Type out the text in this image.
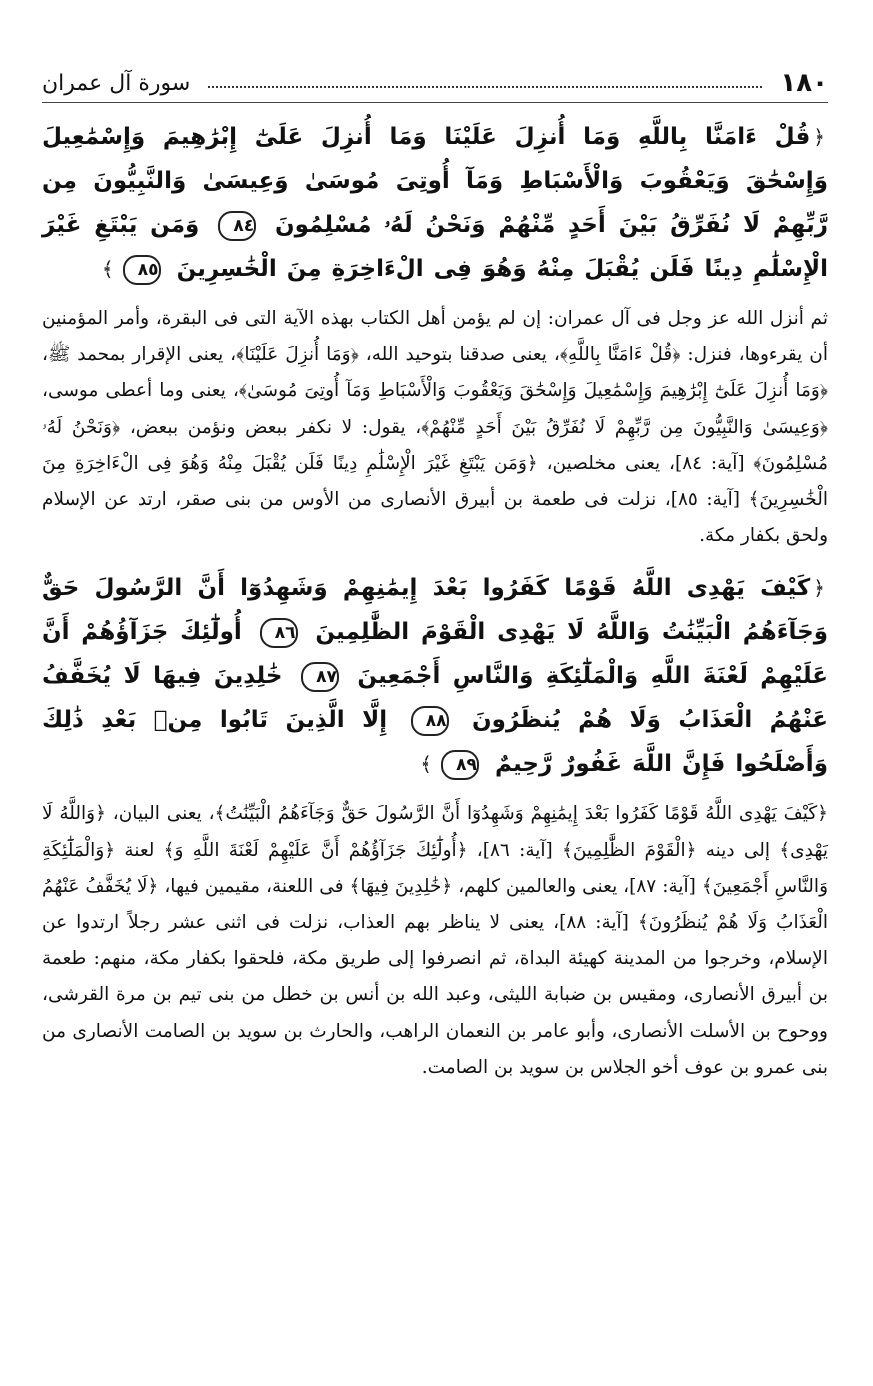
١٨٠
سورة آل عمران
﴿قُلْ ءَامَنَّا بِاللَّهِ وَمَا أُنزِلَ عَلَيْنَا وَمَا أُنزِلَ عَلَىٰٓ إِبْرَٰهِيمَ وَإِسْمَٰعِيلَ وَإِسْحَٰقَ وَيَعْقُوبَ وَالْأَسْبَاطِ وَمَآ أُوتِىَ مُوسَىٰ وَعِيسَىٰ وَالنَّبِيُّونَ مِن رَّبِّهِمْ لَا نُفَرِّقُ بَيْنَ أَحَدٍ مِّنْهُمْ وَنَحْنُ لَهُۥ مُسْلِمُونَ ٨٤ وَمَن يَبْتَغِ غَيْرَ الْإِسْلَٰمِ دِينًا فَلَن يُقْبَلَ مِنْهُ وَهُوَ فِى الْءَاخِرَةِ مِنَ الْخَٰسِرِينَ ٨٥﴾
ثم أنزل الله عز وجل فى آل عمران: إن لم يؤمن أهل الكتاب بهذه الآية التى فى البقرة، وأمر المؤمنين أن يقرءوها، فنزل: ﴿قُلْ ءَامَنَّا بِاللَّهِ﴾، يعنى صدقنا بتوحيد الله، ﴿وَمَا أُنزِلَ عَلَيْنَا﴾، يعنى الإقرار بمحمد ﷺ، ﴿وَمَا أُنزِلَ عَلَىٰٓ إِبْرَٰهِيمَ وَإِسْمَٰعِيلَ وَإِسْحَٰقَ وَيَعْقُوبَ وَالْأَسْبَاطِ وَمَآ أُوتِىَ مُوسَىٰ﴾، يعنى وما أعطى موسى، ﴿وَعِيسَىٰ وَالنَّبِيُّونَ مِن رَّبِّهِمْ لَا نُفَرِّقُ بَيْنَ أَحَدٍ مِّنْهُمْ﴾، يقول: لا نكفر ببعض ونؤمن ببعض، ﴿وَنَحْنُ لَهُۥ مُسْلِمُونَ﴾ [آية: ٨٤]، يعنى مخلصين، ﴿وَمَن يَبْتَغِ غَيْرَ الْإِسْلَٰمِ دِينًا فَلَن يُقْبَلَ مِنْهُ وَهُوَ فِى الْءَاخِرَةِ مِنَ الْخَٰسِرِينَ﴾ [آية: ٨٥]، نزلت فى طعمة بن أبيرق الأنصارى من الأوس من بنى صقر، ارتد عن الإسلام ولحق بكفار مكة.
﴿كَيْفَ يَهْدِى اللَّهُ قَوْمًا كَفَرُوا بَعْدَ إِيمَٰنِهِمْ وَشَهِدُوٓا أَنَّ الرَّسُولَ حَقٌّ وَجَآءَهُمُ الْبَيِّنَٰتُ وَاللَّهُ لَا يَهْدِى الْقَوْمَ الظَّٰلِمِينَ ٨٦ أُولَٰٓئِكَ جَزَآؤُهُمْ أَنَّ عَلَيْهِمْ لَعْنَةَ اللَّهِ وَالْمَلَٰٓئِكَةِ وَالنَّاسِ أَجْمَعِينَ ٨٧ خَٰلِدِينَ فِيهَا لَا يُخَفَّفُ عَنْهُمُ الْعَذَابُ وَلَا هُمْ يُنظَرُونَ ٨٨ إِلَّا الَّذِينَ تَابُوا مِنۢ بَعْدِ ذَٰلِكَ وَأَصْلَحُوا فَإِنَّ اللَّهَ غَفُورٌ رَّحِيمٌ ٨٩﴾
﴿كَيْفَ يَهْدِى اللَّهُ قَوْمًا كَفَرُوا بَعْدَ إِيمَٰنِهِمْ وَشَهِدُوٓا أَنَّ الرَّسُولَ حَقٌّ وَجَآءَهُمُ الْبَيِّنَٰتُ﴾، يعنى البيان، ﴿وَاللَّهُ لَا يَهْدِى﴾ إلى دينه ﴿الْقَوْمَ الظَّٰلِمِينَ﴾ [آية: ٨٦]، ﴿أُولَٰٓئِكَ جَزَآؤُهُمْ أَنَّ عَلَيْهِمْ لَعْنَةَ اللَّهِ وَ﴾ لعنة ﴿وَالْمَلَٰٓئِكَةِ وَالنَّاسِ أَجْمَعِينَ﴾ [آية: ٨٧]، يعنى والعالمين كلهم، ﴿خَٰلِدِينَ فِيهَا﴾ فى اللعنة، مقيمين فيها، ﴿لَا يُخَفَّفُ عَنْهُمُ الْعَذَابُ وَلَا هُمْ يُنظَرُونَ﴾ [آية: ٨٨]، يعنى لا يناظر بهم العذاب، نزلت فى اثنى عشر رجلاً ارتدوا عن الإسلام، وخرجوا من المدينة كهيئة البداة، ثم انصرفوا إلى طريق مكة، فلحقوا بكفار مكة، منهم: طعمة بن أبيرق الأنصارى، ومقيس بن ضبابة الليثى، وعبد الله بن أنس بن خطل من بنى تيم بن مرة القرشى، ووحوح بن الأسلت الأنصارى، وأبو عامر بن النعمان الراهب، والحارث بن سويد بن الصامت الأنصارى من بنى عمرو بن عوف أخو الجلاس بن سويد بن الصامت.
